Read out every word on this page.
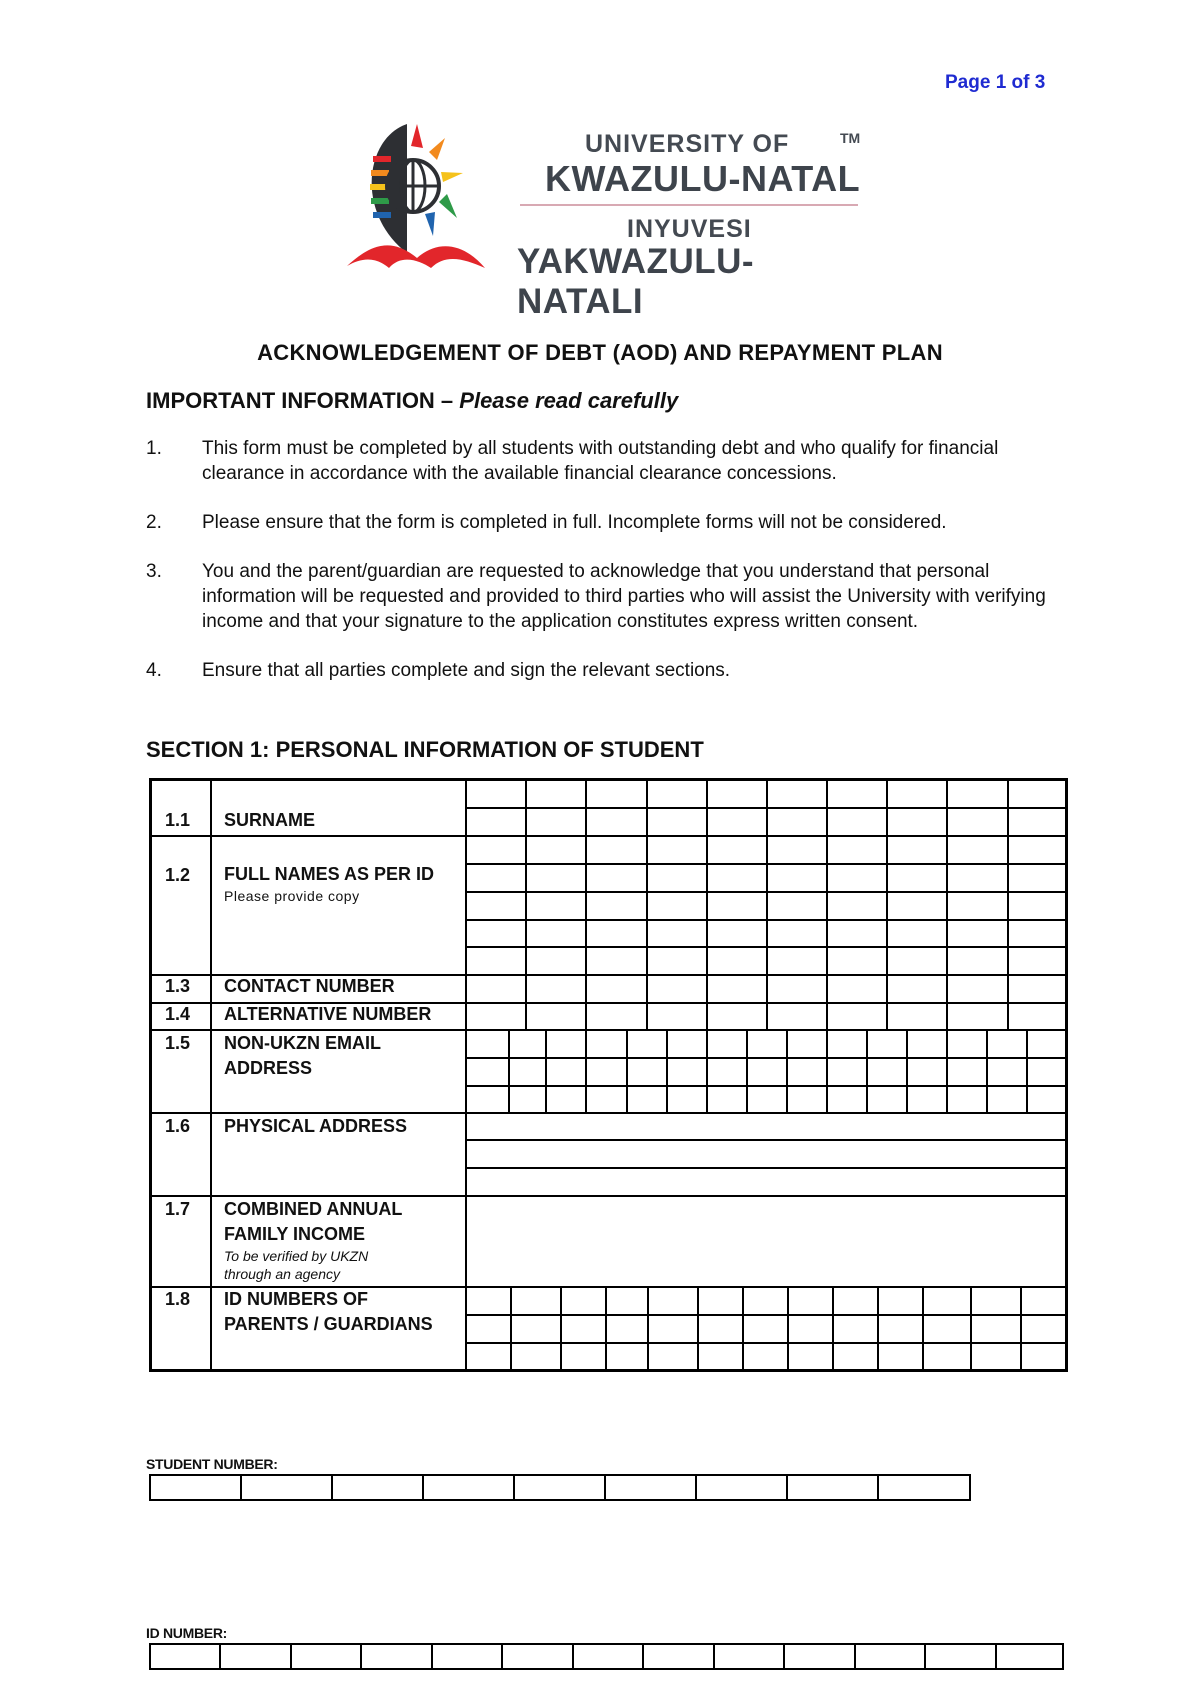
Page 1 of 3
UNIVERSITY OF	TM
KWAZULU-NATAL
INYUVESI
YAKWAZULU-NATALI
ACKNOWLEDGEMENT OF DEBT (AOD) AND REPAYMENT PLAN
IMPORTANT INFORMATION – Please read carefully
1.	This form must be completed by all students with outstanding debt and who qualify for financial clearance in accordance with the available financial clearance concessions.
2.	Please ensure that the form is completed in full. Incomplete forms will not be considered.
3.	You and the parent/guardian are requested to acknowledge that you understand that personal information will be requested and provided to third parties who will assist the University with verifying income and that your signature to the application constitutes express written consent.
4.	Ensure that all parties complete and sign the relevant sections.
SECTION 1: PERSONAL INFORMATION OF STUDENT
1.1 SURNAME
1.2 FULL NAMES AS PER ID
Please provide copy
1.3 CONTACT NUMBER
1.4 ALTERNATIVE NUMBER
1.5 NON-UKZN EMAIL
ADDRESS
1.6 PHYSICAL ADDRESS
1.7 COMBINED ANNUAL
FAMILY INCOME
To be verified by UKZN
through an agency
1.8 ID NUMBERS OF
PARENTS / GUARDIANS
STUDENT NUMBER:
ID NUMBER:
